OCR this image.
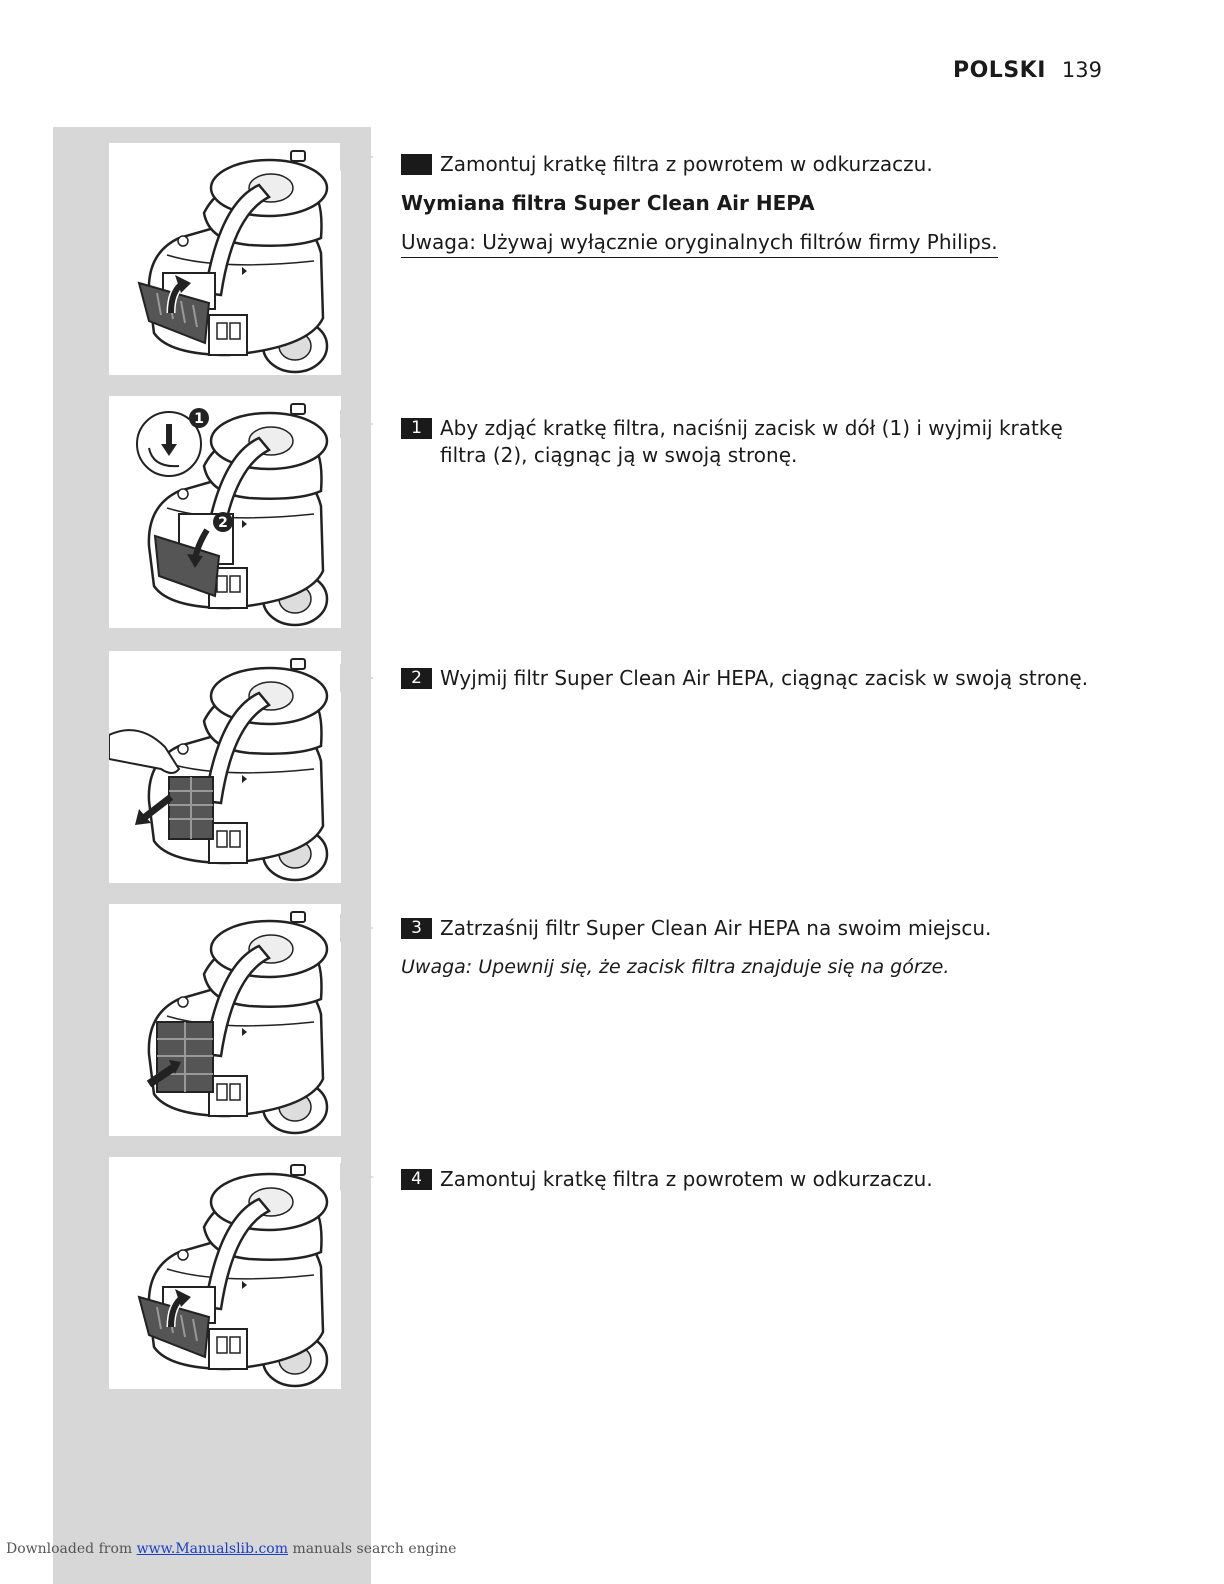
POLSKI 139
1
2
Zamontuj kratkę filtra z powrotem w odkurzaczu.
Wymiana filtra Super Clean Air HEPA
Uwaga: Używaj wyłącznie oryginalnych filtrów firmy Philips.
1 Aby zdjąć kratkę filtra, naciśnij zacisk w dół (1) i wyjmij kratkę filtra (2), ciągnąc ją w swoją stronę.
2 Wyjmij filtr Super Clean Air HEPA, ciągnąc zacisk w swoją stronę.
3 Zatrzaśnij filtr Super Clean Air HEPA na swoim miejscu.
Uwaga: Upewnij się, że zacisk filtra znajduje się na górze.
4 Zamontuj kratkę filtra z powrotem w odkurzaczu.
Downloaded from www.Manualslib.com manuals search engine
